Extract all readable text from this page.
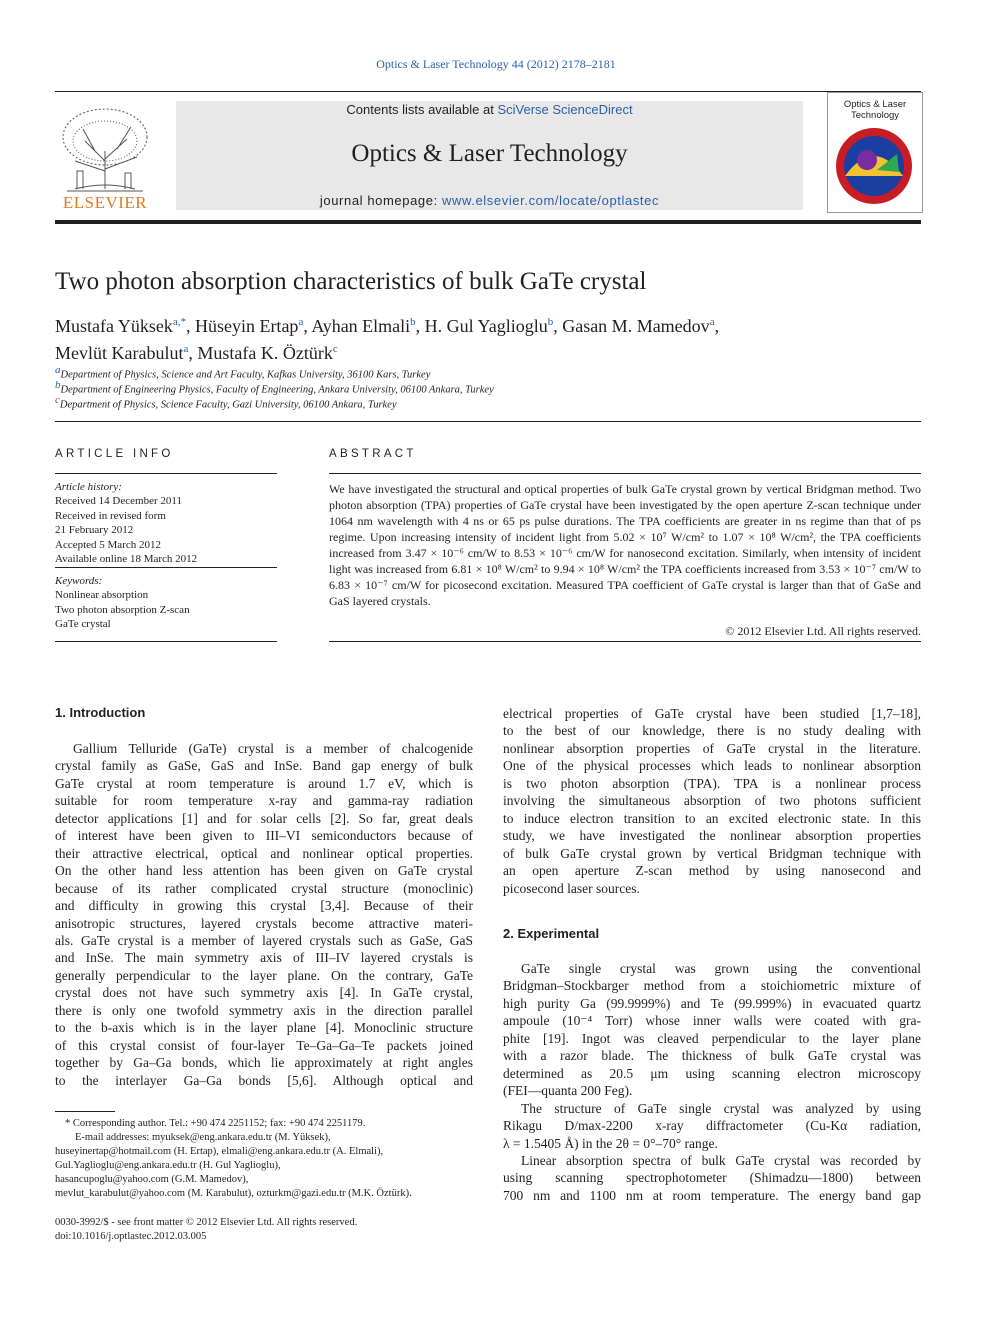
Optics & Laser Technology 44 (2012) 2178–2181
Contents lists available at SciVerse ScienceDirect
Optics & Laser Technology
journal homepage: www.elsevier.com/locate/optlastec
ELSEVIER
Optics & Laser Technology
Two photon absorption characteristics of bulk GaTe crystal
Mustafa Yüksek$^{a,*}$, Hüseyin Ertap$^a$, Ayhan Elmali$^b$, H. Gul Yaglioglu$^b$, Gasan M. Mamedov$^a$,
Mevlüt Karabulut$^a$, Mustafa K. Öztürk$^c$
$^a$Department of Physics, Science and Art Faculty, Kafkas University, 36100 Kars, Turkey
$^b$Department of Engineering Physics, Faculty of Engineering, Ankara University, 06100 Ankara, Turkey
$^c$Department of Physics, Science Faculty, Gazi University, 06100 Ankara, Turkey
ARTICLE INFO
Article history:
Received 14 December 2011
Received in revised form
21 February 2012
Accepted 5 March 2012
Available online 18 March 2012
Keywords:
Nonlinear absorption
Two photon absorption Z-scan
GaTe crystal
ABSTRACT
We have investigated the structural and optical properties of bulk GaTe crystal grown by vertical Bridgman method. Two photon absorption (TPA) properties of GaTe crystal have been investigated by the open aperture Z-scan technique under 1064 nm wavelength with 4 ns or 65 ps pulse durations. The TPA coefficients are greater in ns regime than that of ps regime. Upon increasing intensity of incident light from 5.02 × 10⁷ W/cm² to 1.07 × 10⁸ W/cm², the TPA coefficients increased from 3.47 × 10⁻⁶ cm/W to 8.53 × 10⁻⁶ cm/W for nanosecond excitation. Similarly, when intensity of incident light was increased from 6.81 × 10⁸ W/cm² to 9.94 × 10⁸ W/cm² the TPA coefficients increased from 3.53 × 10⁻⁷ cm/W to 6.83 × 10⁻⁷ cm/W for picosecond excitation. Measured TPA coefficient of GaTe crystal is larger than that of GaSe and GaS layered crystals.
© 2012 Elsevier Ltd. All rights reserved.
1. Introduction

Gallium Telluride (GaTe) crystal is a member of chalcogenide

crystal family as GaSe, GaS and InSe. Band gap energy of bulk

GaTe crystal at room temperature is around 1.7 eV, which is

suitable for room temperature x-ray and gamma-ray radiation

detector applications [1] and for solar cells [2]. So far, great deals

of interest have been given to III–VI semiconductors because of

their attractive electrical, optical and nonlinear optical properties.

On the other hand less attention has been given on GaTe crystal

because of its rather complicated crystal structure (monoclinic)

and difficulty in growing this crystal [3,4]. Because of their

anisotropic structures, layered crystals become attractive materi-

als. GaTe crystal is a member of layered crystals such as GaSe, GaS

and InSe. The main symmetry axis of III–IV layered crystals is

generally perpendicular to the layer plane. On the contrary, GaTe

crystal does not have such symmetry axis [4]. In GaTe crystal,

there is only one twofold symmetry axis in the direction parallel

to the b-axis which is in the layer plane [4]. Monoclinic structure

of this crystal consist of four-layer Te–Ga–Ga–Te packets joined

together by Ga–Ga bonds, which lie approximately at right angles

to the interlayer Ga–Ga bonds [5,6]. Although optical and

* Corresponding author. Tel.: +90 474 2251152; fax: +90 474 2251179.
E-mail addresses: myuksek@eng.ankara.edu.tr (M. Yüksek),
huseyinertap@hotmail.com (H. Ertap), elmali@eng.ankara.edu.tr (A. Elmali),
Gul.Yaglioglu@eng.ankara.edu.tr (H. Gul Yaglioglu),
hasancupoglu@yahoo.com (G.M. Mamedov),
mevlut_karabulut@yahoo.com (M. Karabulut), ozturkm@gazi.edu.tr (M.K. Öztürk).
0030-3992/$ - see front matter © 2012 Elsevier Ltd. All rights reserved.
doi:10.1016/j.optlastec.2012.03.005

electrical properties of GaTe crystal have been studied [1,7–18],

to the best of our knowledge, there is no study dealing with

nonlinear absorption properties of GaTe crystal in the literature.

One of the physical processes which leads to nonlinear absorption

is two photon absorption (TPA). TPA is a nonlinear process

involving the simultaneous absorption of two photons sufficient

to induce electron transition to an excited electronic state. In this

study, we have investigated the nonlinear absorption properties

of bulk GaTe crystal grown by vertical Bridgman technique with

an open aperture Z-scan method by using nanosecond and

picosecond laser sources.

2. Experimental

GaTe single crystal was grown using the conventional

Bridgman–Stockbarger method from a stoichiometric mixture of

high purity Ga (99.9999%) and Te (99.999%) in evacuated quartz

ampoule (10⁻⁴ Torr) whose inner walls were coated with gra-

phite [19]. Ingot was cleaved perpendicular to the layer plane

with a razor blade. The thickness of bulk GaTe crystal was

determined as 20.5 μm using scanning electron microscopy

(FEI—quanta 200 Feg).

The structure of GaTe single crystal was analyzed by using

Rikagu D/max-2200 x-ray diffractometer (Cu-Kα radiation,

λ = 1.5405 Å) in the 2θ = 0°–70° range.

Linear absorption spectra of bulk GaTe crystal was recorded by

using scanning spectrophotometer (Shimadzu—1800) between

700 nm and 1100 nm at room temperature. The energy band gap
